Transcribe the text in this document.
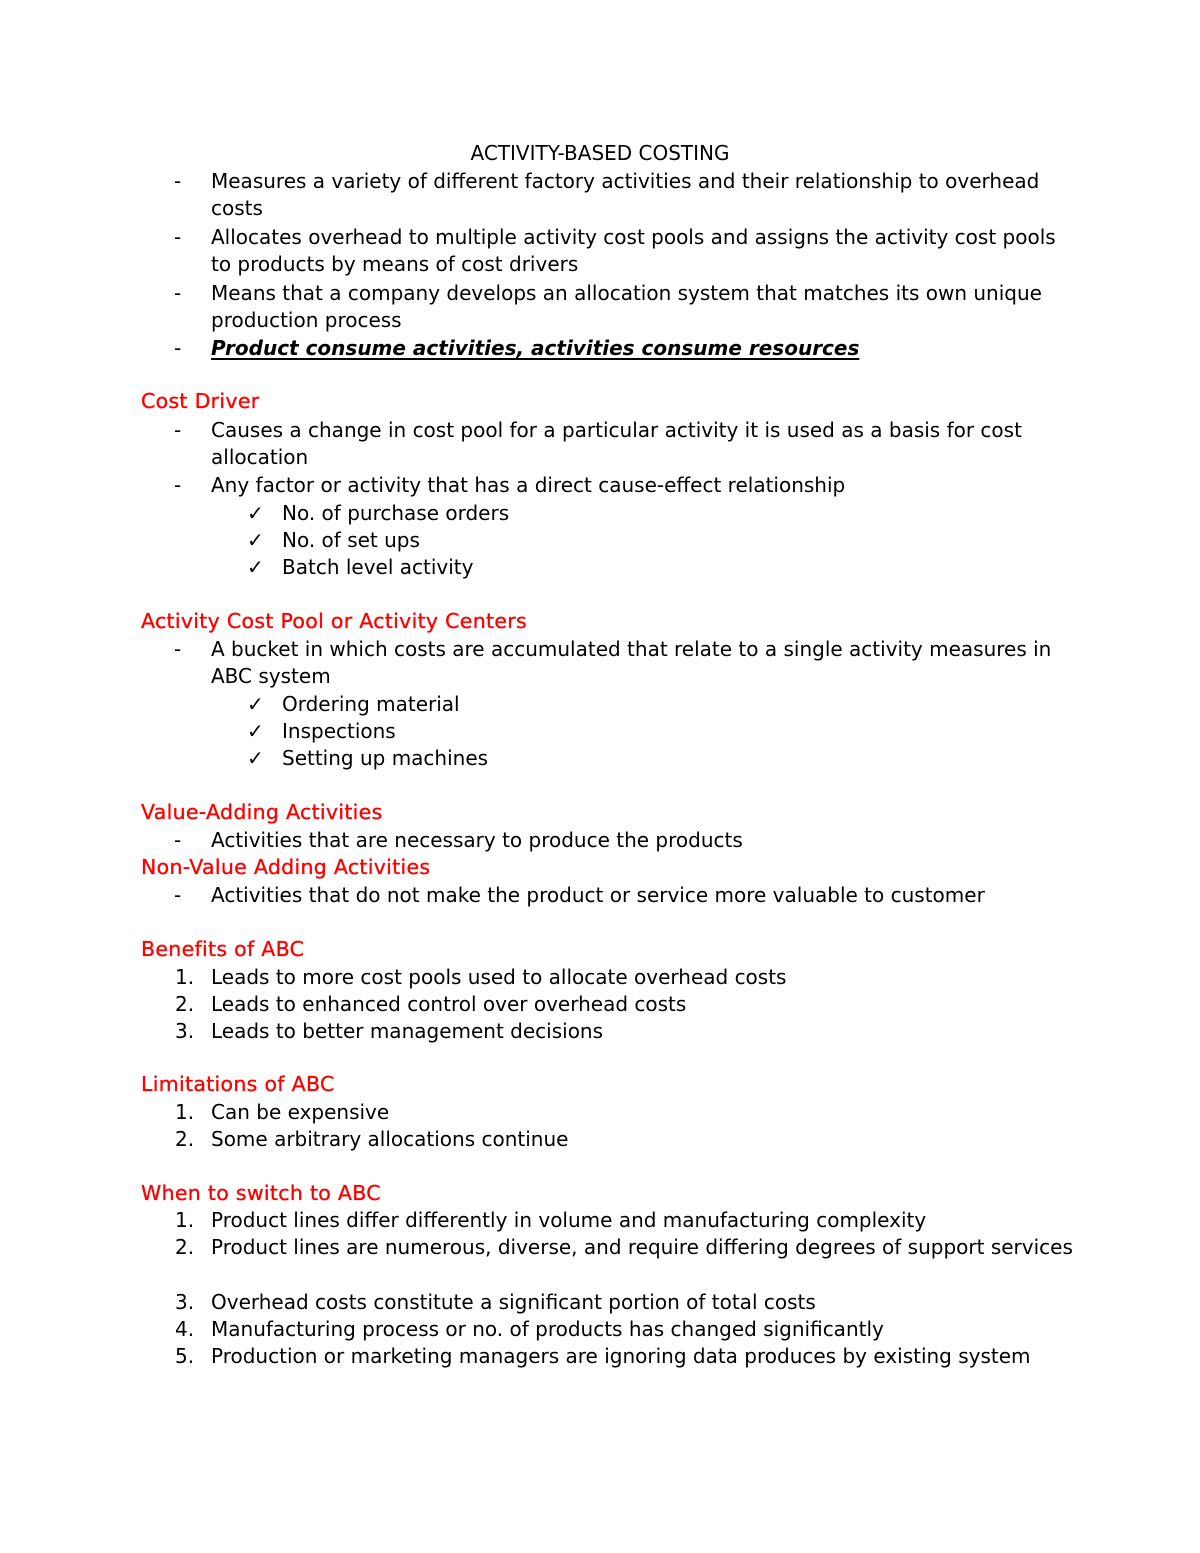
ACTIVITY-BASED COSTING
-	Measures a variety of different factory activities and their relationship to overhead costs
-	Allocates overhead to multiple activity cost pools and assigns the activity cost pools to products by means of cost drivers
-	Means that a company develops an allocation system that matches its own unique production process
-	Product consume activities, activities consume resources
Cost Driver
-	Causes a change in cost pool for a particular activity it is used as a basis for cost allocation
-	Any factor or activity that has a direct cause-effect relationship
✓ No. of purchase orders
✓ No. of set ups
✓ Batch level activity
Activity Cost Pool or Activity Centers
-	A bucket in which costs are accumulated that relate to a single activity measures in ABC system
✓ Ordering material
✓ Inspections
✓ Setting up machines
Value-Adding Activities
-	Activities that are necessary to produce the products
Non-Value Adding Activities
-	Activities that do not make the product or service more valuable to customer
Benefits of ABC
1. Leads to more cost pools used to allocate overhead costs
2. Leads to enhanced control over overhead costs
3. Leads to better management decisions
Limitations of ABC
1. Can be expensive
2. Some arbitrary allocations continue
When to switch to ABC
1. Product lines differ differently in volume and manufacturing complexity
2. Product lines are numerous, diverse, and require differing degrees of support services
3. Overhead costs constitute a significant portion of total costs
4. Manufacturing process or no. of products has changed significantly
5. Production or marketing managers are ignoring data produces by existing system
